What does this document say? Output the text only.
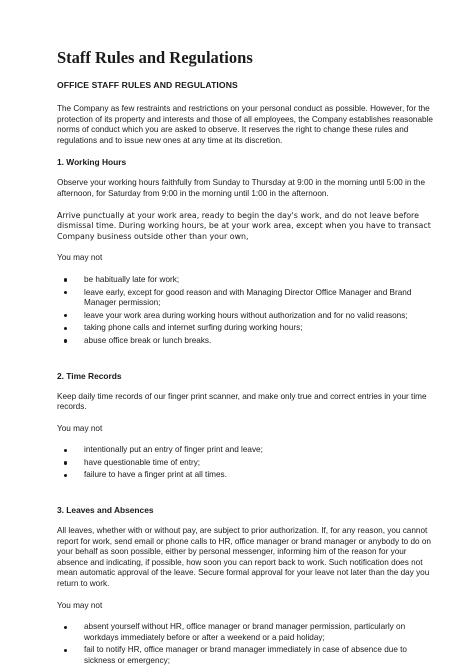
Staff Rules and Regulations
OFFICE STAFF RULES AND REGULATIONS

The Company as few restraints and restrictions on your personal conduct as possible. However, for the protection of its property and interests and those of all employees, the Company establishes reasonable norms of conduct which you are asked to observe. It reserves the right to change these rules and regulations and to issue new ones at any time at its discretion.

1. Working Hours

Observe your working hours faithfully from Sunday to Thursday at 9:00 in the morning until 5:00 in the afternoon, for Saturday from 9:00 in the morning until 1:00 in the afternoon.

Arrive punctually at your work area, ready to begin the day's work, and do not leave before dismissal time. During working hours, be at your work area, except when you have to transact Company business outside other than your own,

You may not

be habitually late for work;
leave early, except for good reason and with Managing Director Office Manager and Brand Manager permission;
leave your work area during working hours without authorization and for no valid reasons;
taking phone calls and internet surfing during working hours;
abuse office break or lunch breaks.
2. Time Records

Keep daily time records of our finger print scanner, and make only true and correct entries in your time records.

You may not

intentionally put an entry of finger print and leave;
have questionable time of entry;
failure to have a finger print at all times.
3. Leaves and Absences

All leaves, whether with or without pay, are subject to prior authorization. If, for any reason, you cannot report for work, send email or phone calls to HR, office manager or brand manager or anybody to do on your behalf as soon possible, either by personal messenger, informing him of the reason for your absence and indicating, if possible, how soon you can report back to work. Such notification does not mean automatic approval of the leave. Secure formal approval for your leave not later than the day you return to work.

You may not

absent yourself without HR, office manager or brand manager permission, particularly on workdays immediately before or after a weekend or a paid holiday;
fail to notify HR, office manager or brand manager immediately in case of absence due to sickness or emergency;
